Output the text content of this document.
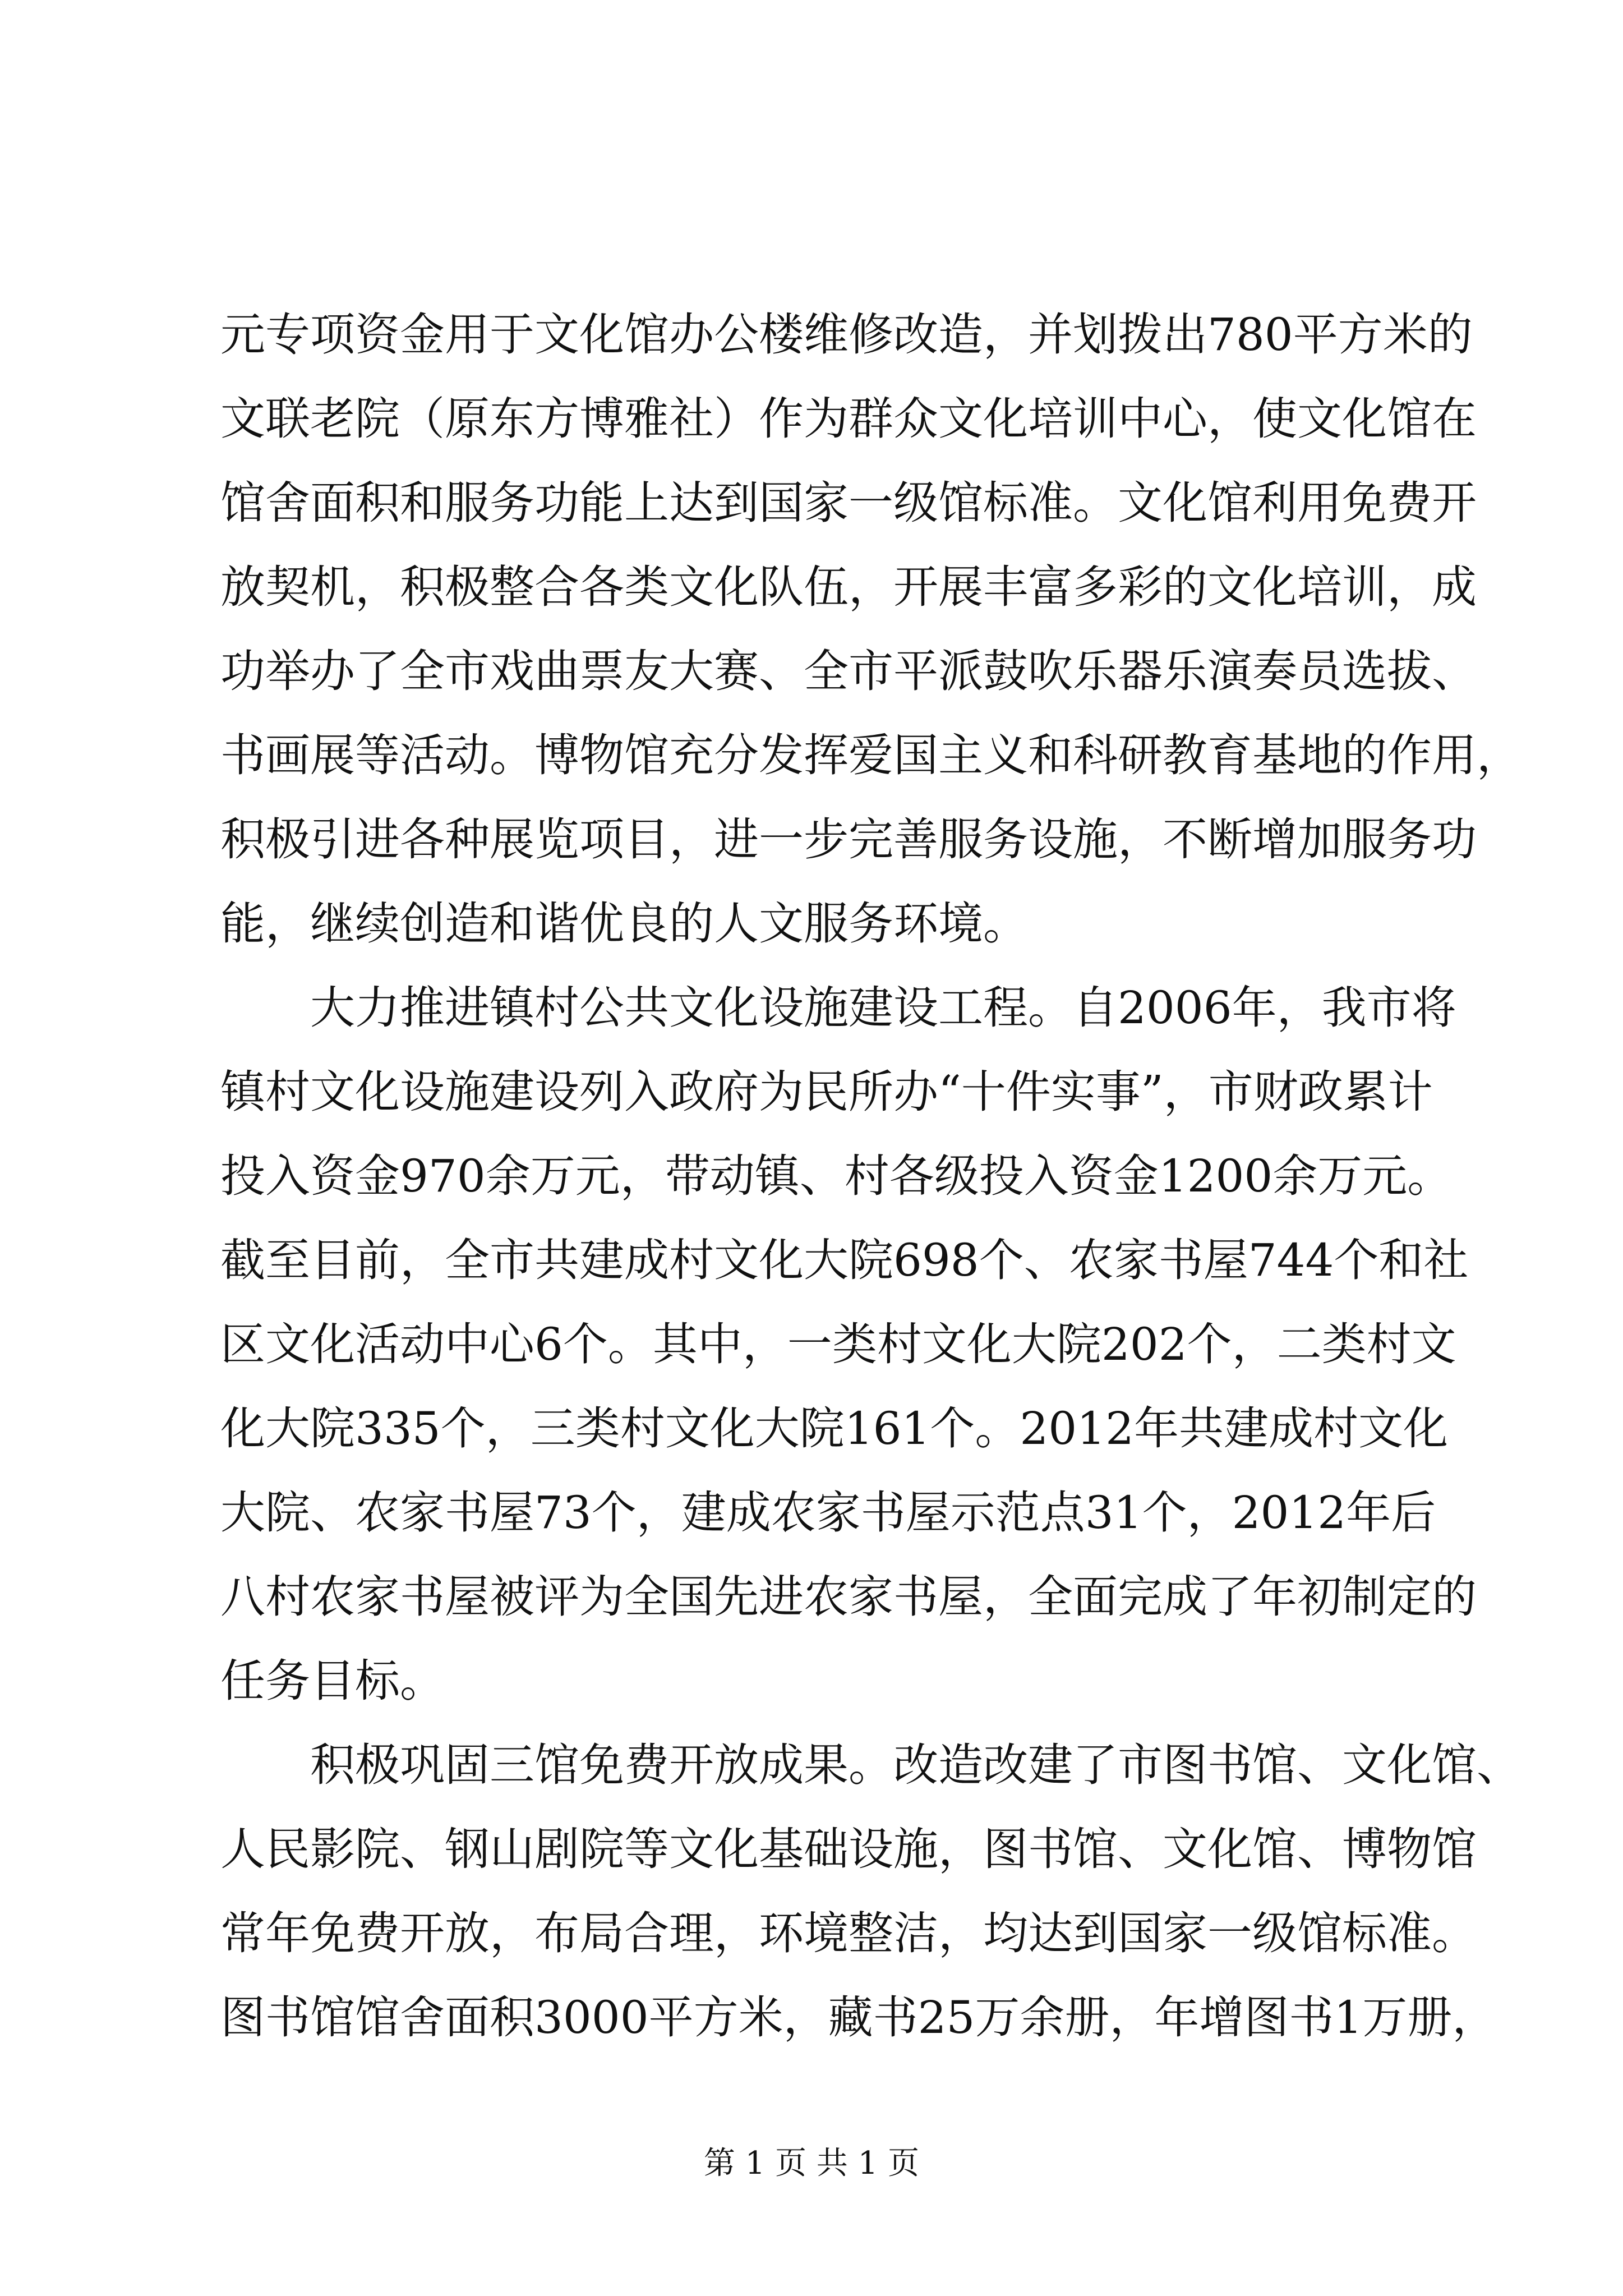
元专项资金用于文化馆办公楼维修改造，并划拨出780平方米的
文联老院（原东方博雅社）作为群众文化培训中心，使文化馆在
馆舍面积和服务功能上达到国家一级馆标准。文化馆利用免费开
放契机，积极整合各类文化队伍，开展丰富多彩的文化培训，成
功举办了全市戏曲票友大赛、全市平派鼓吹乐器乐演奏员选拔、
书画展等活动。博物馆充分发挥爱国主义和科研教育基地的作用，
积极引进各种展览项目，进一步完善服务设施，不断增加服务功
能，继续创造和谐优良的人文服务环境。
　　大力推进镇村公共文化设施建设工程。自2006年，我市将
镇村文化设施建设列入政府为民所办“十件实事”，市财政累计
投入资金970余万元，带动镇、村各级投入资金1200余万元。
截至目前，全市共建成村文化大院698个、农家书屋744个和社
区文化活动中心6个。其中，一类村文化大院202个，二类村文
化大院335个，三类村文化大院161个。2012年共建成村文化
大院、农家书屋73个，建成农家书屋示范点31个，2012年后
八村农家书屋被评为全国先进农家书屋，全面完成了年初制定的
任务目标。
　　积极巩固三馆免费开放成果。改造改建了市图书馆、文化馆、
人民影院、钢山剧院等文化基础设施，图书馆、文化馆、博物馆
常年免费开放，布局合理，环境整洁，均达到国家一级馆标准。
图书馆馆舍面积3000平方米，藏书25万余册，年增图书1万册，
第 1 页 共 1 页
